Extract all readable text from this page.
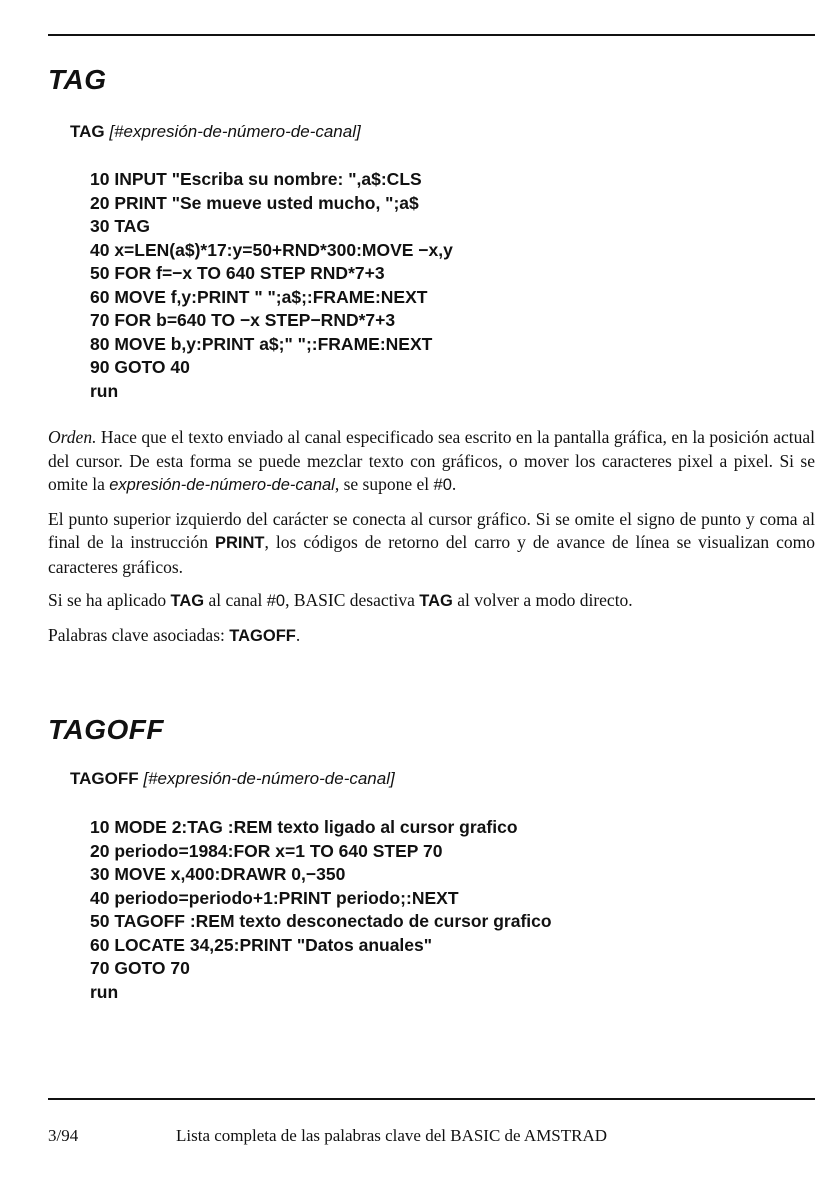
TAG
TAG [#expresión-de-número-de-canal]
10 INPUT "Escriba su nombre: ",a$:CLS
20 PRINT "Se mueve usted mucho, ";a$
30 TAG
40 x=LEN(a$)*17:y=50+RND*300:MOVE −x,y
50 FOR f=−x TO 640 STEP RND*7+3
60 MOVE f,y:PRINT " ";a$;:FRAME:NEXT
70 FOR b=640 TO −x STEP−RND*7+3
80 MOVE b,y:PRINT a$;" ";:FRAME:NEXT
90 GOTO 40
run

Orden. Hace que el texto enviado al canal especificado sea escrito en la pantalla gráfica, en la posición actual del cursor. De esta forma se puede mezclar texto con gráficos, o mover los caracteres pixel a pixel. Si se omite la expresión-de-número-de-canal, se supone el #0.

El punto superior izquierdo del carácter se conecta al cursor gráfico. Si se omite el signo de punto y coma al final de la instrucción PRINT, los códigos de retorno del carro y de avance de línea se visualizan como caracteres gráficos.

Si se ha aplicado TAG al canal #0, BASIC desactiva TAG al volver a modo directo.

Palabras clave asociadas: TAGOFF.

TAGOFF
TAGOFF [#expresión-de-número-de-canal]
10 MODE 2:TAG :REM texto ligado al cursor grafico
20 periodo=1984:FOR x=1 TO 640 STEP 70
30 MOVE x,400:DRAWR 0,−350
40 periodo=periodo+1:PRINT periodo;:NEXT
50 TAGOFF :REM texto desconectado de cursor grafico
60 LOCATE 34,25:PRINT "Datos anuales"
70 GOTO 70
run
3/94	Lista completa de las palabras clave del BASIC de AMSTRAD
